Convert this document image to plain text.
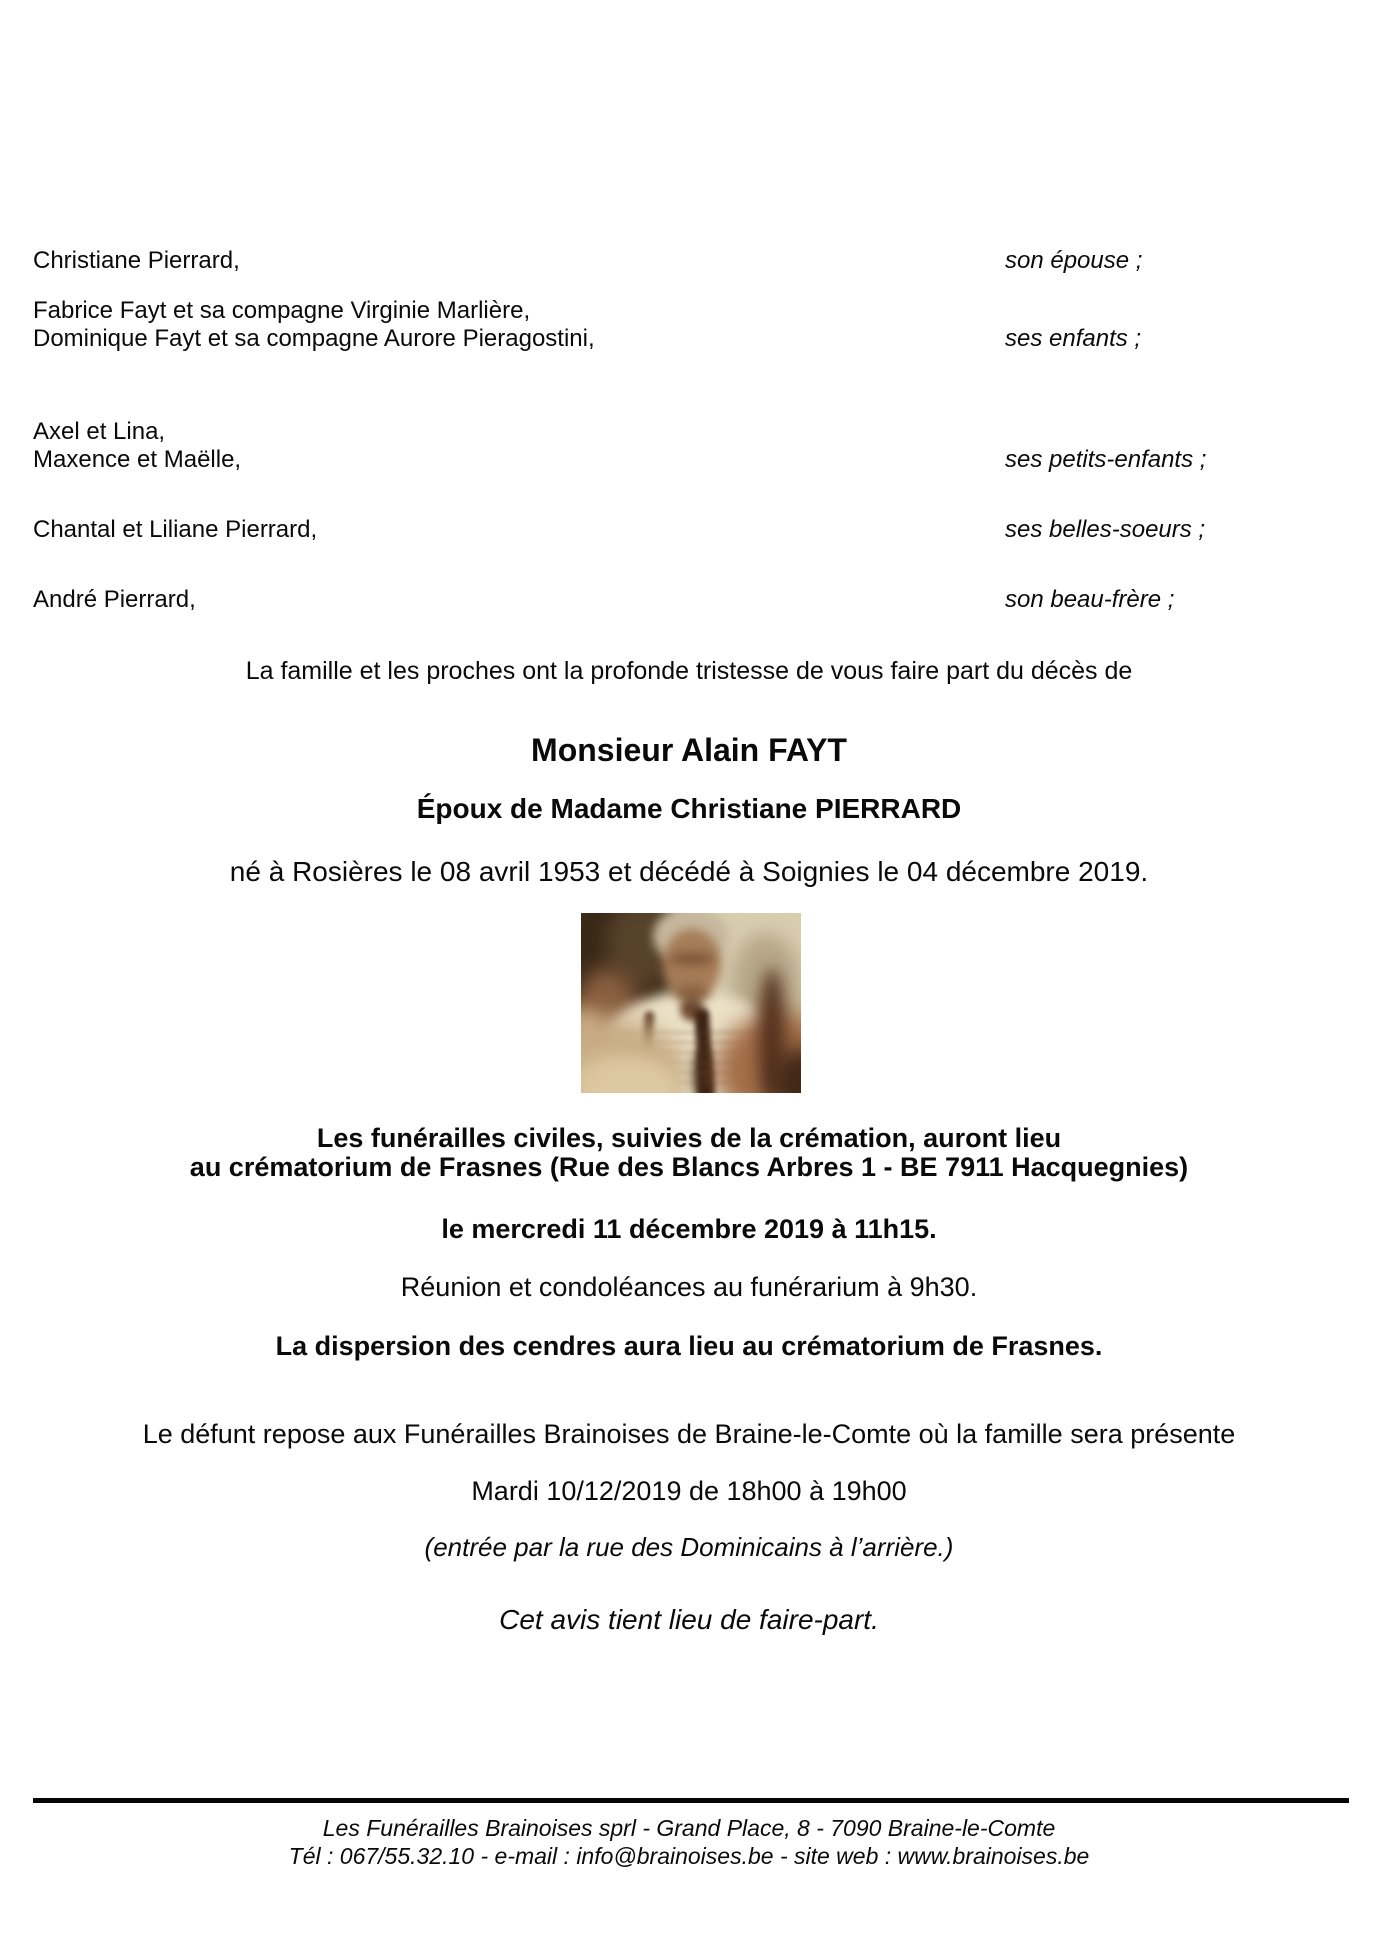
Christiane Pierrard,	son épouse ;
Fabrice Fayt et sa compagne Virginie Marlière,
Dominique Fayt et sa compagne Aurore Pieragostini,	ses enfants ;
Axel et Lina,
Maxence et Maëlle,	ses petits-enfants ;
Chantal et Liliane Pierrard,	ses belles-soeurs ;
André Pierrard,	son beau-frère ;
La famille et les proches ont la profonde tristesse de vous faire part du décès de
Monsieur Alain FAYT
Époux de Madame Christiane PIERRARD
né à Rosières le 08 avril 1953 et décédé à Soignies le 04 décembre 2019.
Les funérailles civiles, suivies de la crémation, auront lieu
au crématorium de Frasnes (Rue des Blancs Arbres 1 - BE 7911 Hacquegnies)
le mercredi 11 décembre 2019 à 11h15.
Réunion et condoléances au funérarium à 9h30.
La dispersion des cendres aura lieu au crématorium de Frasnes.
Le défunt repose aux Funérailles Brainoises de Braine-le-Comte où la famille sera présente
Mardi 10/12/2019 de 18h00 à 19h00
(entrée par la rue des Dominicains à l’arrière.)
Cet avis tient lieu de faire-part.
Les Funérailles Brainoises sprl - Grand Place, 8 - 7090 Braine-le-Comte
Tél : 067/55.32.10 - e-mail : info@brainoises.be - site web : www.brainoises.be
